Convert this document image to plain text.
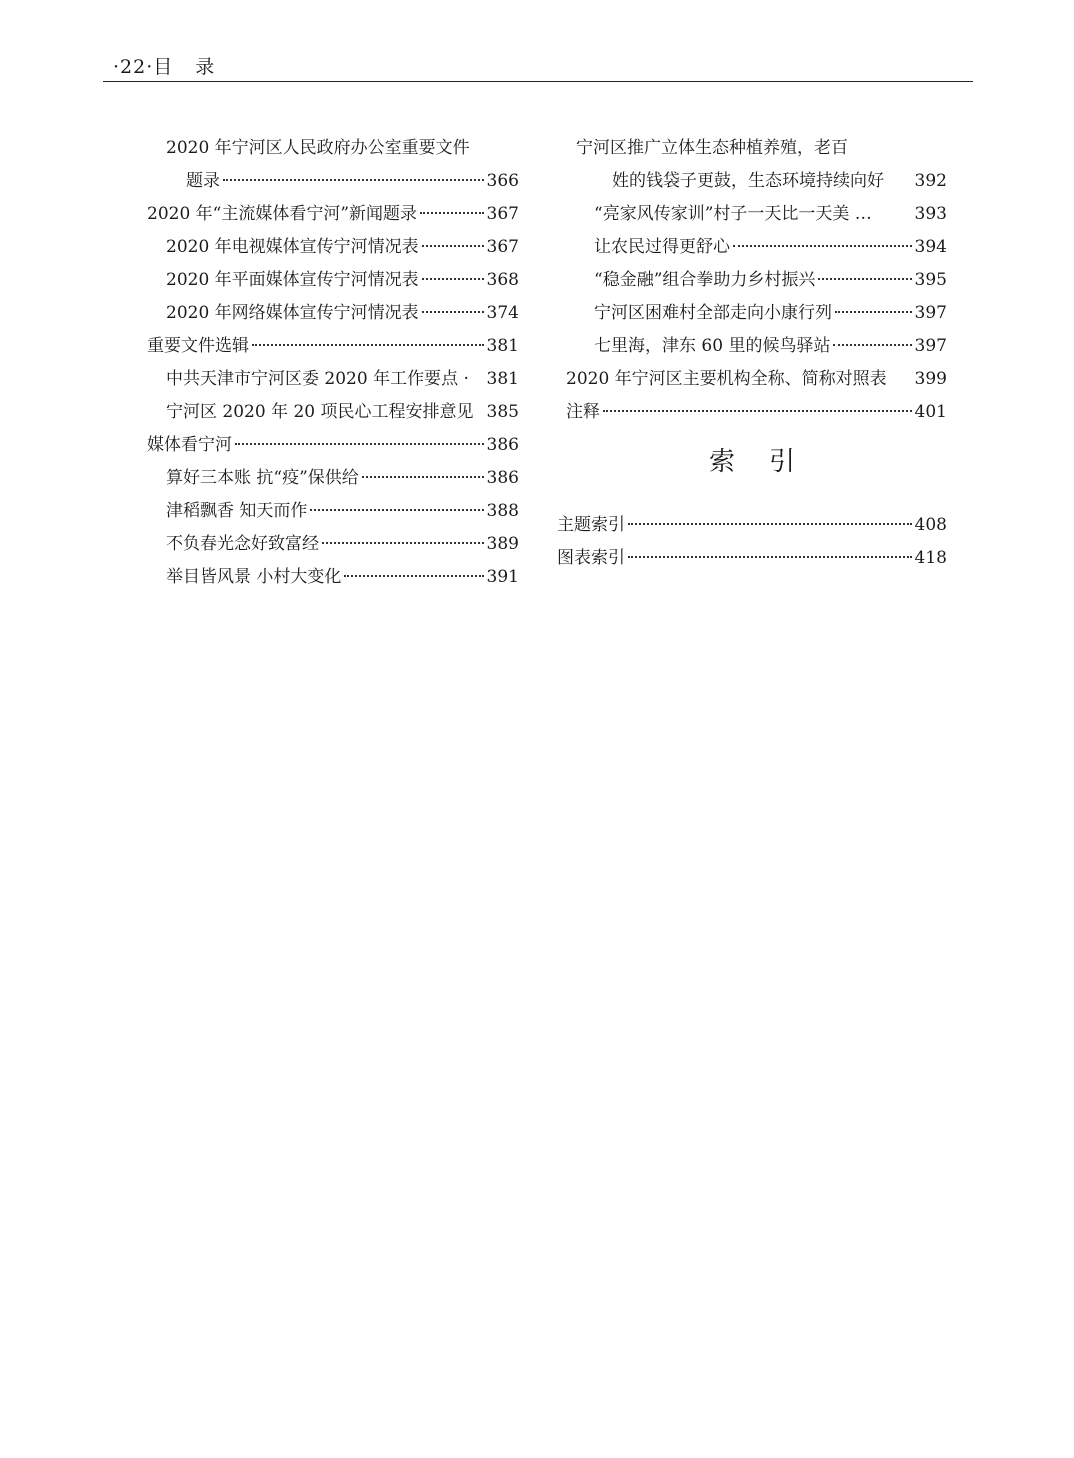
·22·目 录
2020 年宁河区人民政府办公室重要文件
题录	366
2020 年“主流媒体看宁河”新闻题录	367
2020 年电视媒体宣传宁河情况表	367
2020 年平面媒体宣传宁河情况表	368
2020 年网络媒体宣传宁河情况表	374
重要文件选辑	381
中共天津市宁河区委 2020 年工作要点 · 381
宁河区 2020 年 20 项民心工程安排意见 385
媒体看宁河	386
算好三本账 抗“疫”保供给	386
津稻飘香 知天而作	388
不负春光念好致富经	389
举目皆风景 小村大变化	391
宁河区推广立体生态种植养殖，老百
姓的钱袋子更鼓，生态环境持续向好 392
“亮家风传家训”村子一天比一天美 …	393
让农民过得更舒心	394
“稳金融”组合拳助力乡村振兴	395
宁河区困难村全部走向小康行列	397
七里海，津东 60 里的候鸟驿站	397
2020 年宁河区主要机构全称、简称对照表 399
注释	401
索 引
主题索引	408
图表索引	418
